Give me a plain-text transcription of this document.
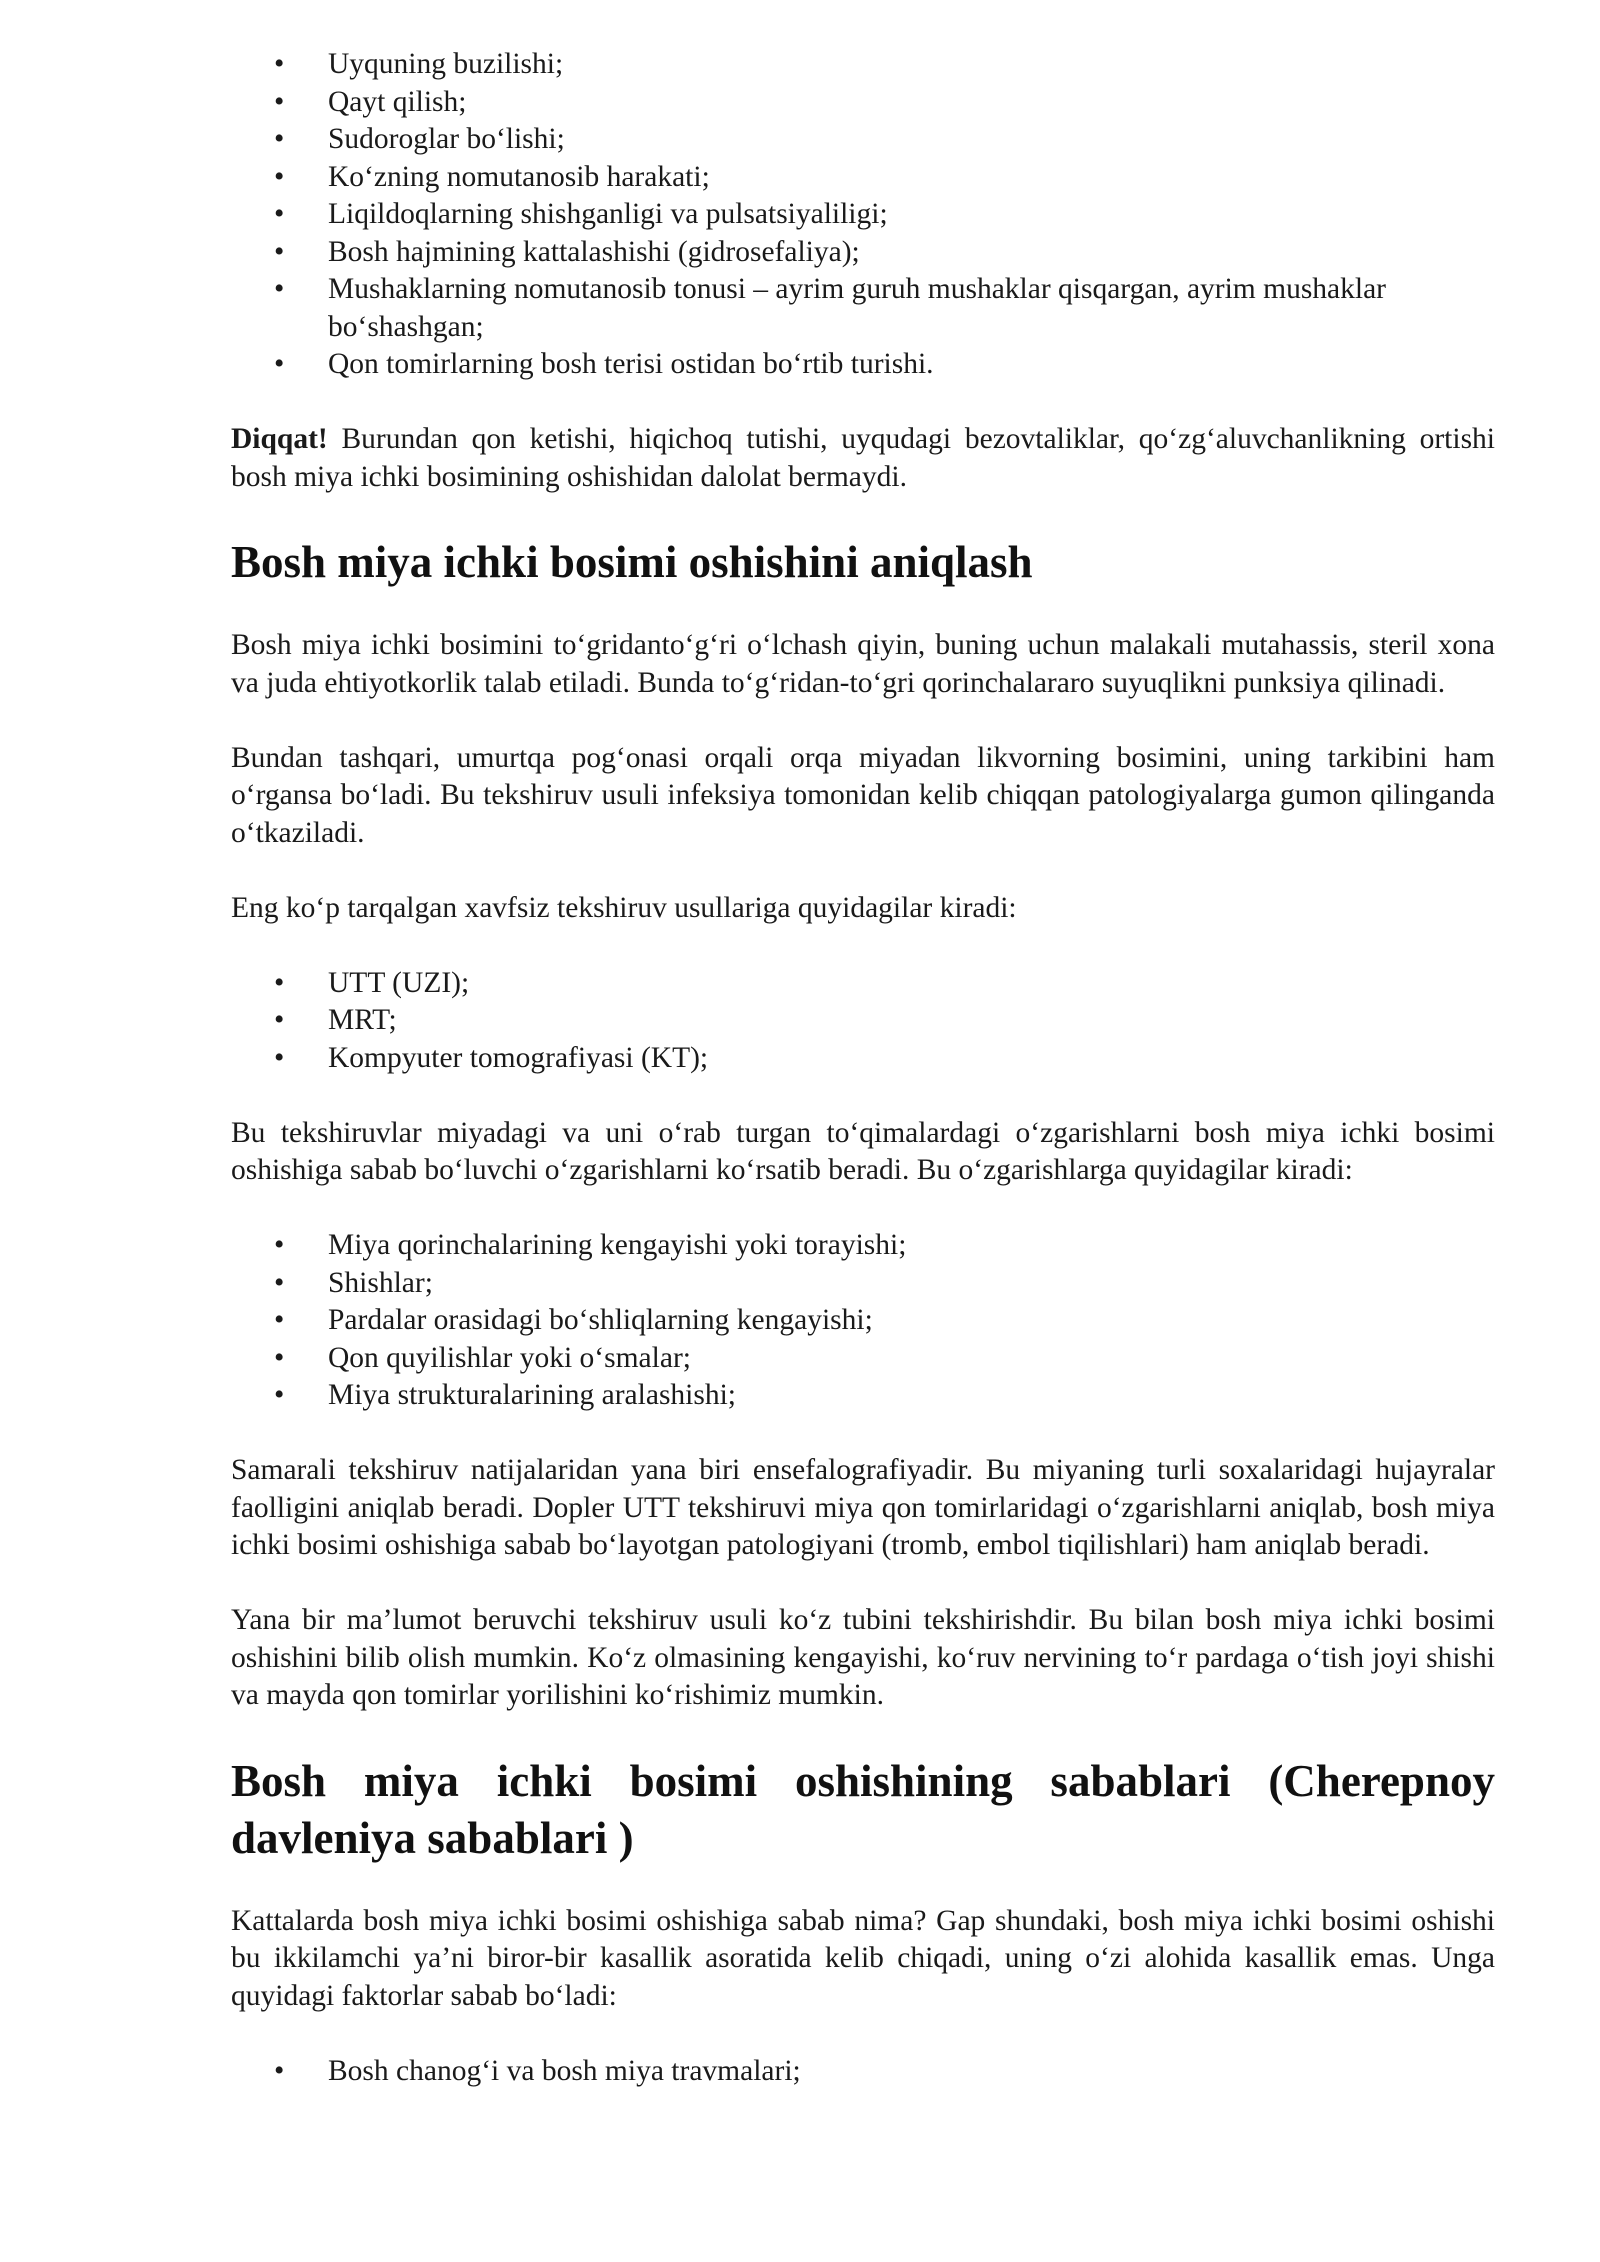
• Uyquning buzilishi;
• Qayt qilish;
• Sudoroglar bo‘lishi;
• Ko‘zning nomutanosib harakati;
• Liqildoqlarning shishganligi va pulsatsiyaliligi;
• Bosh hajmining kattalashishi (gidrosefaliya);
• Mushaklarning nomutanosib tonusi – ayrim guruh mushaklar qisqargan, ayrim mushaklar bo‘shashgan;
• Qon tomirlarning bosh terisi ostidan bo‘rtib turishi.

Diqqat! Burundan qon ketishi, hiqichoq tutishi, uyqudagi bezovtaliklar, qo‘zg‘aluvchanlikning ortishi bosh miya ichki bosimining oshishidan dalolat bermaydi.

Bosh miya ichki bosimi oshishini aniqlash

Bosh miya ichki bosimini to‘gridanto‘g‘ri o‘lchash qiyin, buning uchun malakali mutahassis, steril xona va juda ehtiyotkorlik talab etiladi. Bunda to‘g‘ridan-to‘gri qorinchalararo suyuqlikni punksiya qilinadi.

Bundan tashqari, umurtqa pog‘onasi orqali orqa miyadan likvorning bosimini, uning tarkibini ham o‘rgansa bo‘ladi. Bu tekshiruv usuli infeksiya tomonidan kelib chiqqan patologiyalarga gumon qilinganda o‘tkaziladi.

Eng ko‘p tarqalgan xavfsiz tekshiruv usullariga quyidagilar kiradi:

• UTT (UZI);
• MRT;
• Kompyuter tomografiyasi (KT);

Bu tekshiruvlar miyadagi va uni o‘rab turgan to‘qimalardagi o‘zgarishlarni bosh miya ichki bosimi oshishiga sabab bo‘luvchi o‘zgarishlarni ko‘rsatib beradi. Bu o‘zgarishlarga quyidagilar kiradi:

• Miya qorinchalarining kengayishi yoki torayishi;
• Shishlar;
• Pardalar orasidagi bo‘shliqlarning kengayishi;
• Qon quyilishlar yoki o‘smalar;
• Miya strukturalarining aralashishi;

Samarali tekshiruv natijalaridan yana biri ensefalografiyadir. Bu miyaning turli soxalaridagi hujayralar faolligini aniqlab beradi. Dopler UTT tekshiruvi miya qon tomirlaridagi o‘zgarishlarni aniqlab, bosh miya ichki bosimi oshishiga sabab bo‘layotgan patologiyani (tromb, embol tiqilishlari) ham aniqlab beradi.

Yana bir ma’lumot beruvchi tekshiruv usuli ko‘z tubini tekshirishdir. Bu bilan bosh miya ichki bosimi oshishini bilib olish mumkin. Ko‘z olmasining kengayishi, ko‘ruv nervining to‘r pardaga o‘tish joyi shishi va mayda qon tomirlar yorilishini ko‘rishimiz mumkin.

Bosh miya ichki bosimi oshishining sabablari (Cherepnoy davleniya sabablari )

Kattalarda bosh miya ichki bosimi oshishiga sabab nima? Gap shundaki, bosh miya ichki bosimi oshishi bu ikkilamchi ya’ni biror-bir kasallik asoratida kelib chiqadi, uning o‘zi alohida kasallik emas. Unga quyidagi faktorlar sabab bo‘ladi:

• Bosh chanog‘i va bosh miya travmalari;
